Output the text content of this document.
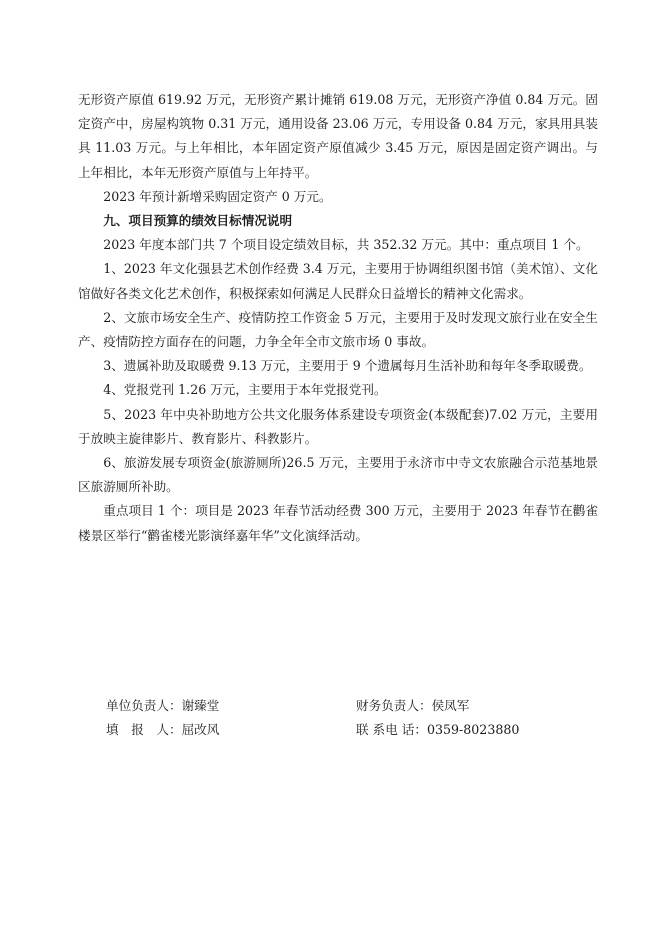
无形资产原值 619.92 万元，无形资产累计摊销 619.08 万元，无形资产净值 0.84 万元。固定资产中，房屋构筑物 0.31 万元，通用设备 23.06 万元，专用设备 0.84 万元，家具用具装具 11.03 万元。与上年相比，本年固定资产原值减少 3.45 万元，原因是固定资产调出。与上年相比，本年无形资产原值与上年持平。

2023 年预计新增采购固定资产 0 万元。

九、项目预算的绩效目标情况说明

2023 年度本部门共 7 个项目设定绩效目标，共 352.32 万元。其中：重点项目 1 个。

1、2023 年文化强县艺术创作经费 3.4 万元，主要用于协调组织图书馆（美术馆）、文化馆做好各类文化艺术创作，积极探索如何满足人民群众日益增长的精神文化需求。

2、文旅市场安全生产、疫情防控工作资金 5 万元，主要用于及时发现文旅行业在安全生产、疫情防控方面存在的问题，力争全年全市文旅市场 0 事故。

3、遗属补助及取暖费 9.13 万元，主要用于 9 个遗属每月生活补助和每年冬季取暖费。

4、党报党刊 1.26 万元，主要用于本年党报党刊。

5、2023 年中央补助地方公共文化服务体系建设专项资金(本级配套)7.02 万元，主要用于放映主旋律影片、教育影片、科教影片。

6、旅游发展专项资金(旅游厕所)26.5 万元，主要用于永济市中寺文农旅融合示范基地景区旅游厕所补助。

重点项目 1 个：项目是 2023 年春节活动经费 300 万元，主要用于 2023 年春节在鹳雀楼景区举行“鹳雀楼光影演绎嘉年华”文化演绎活动。

单位负责人：谢臻堂	财务负责人：侯凤军

填　报　人：屈改风	联 系电 话：0359-8023880
